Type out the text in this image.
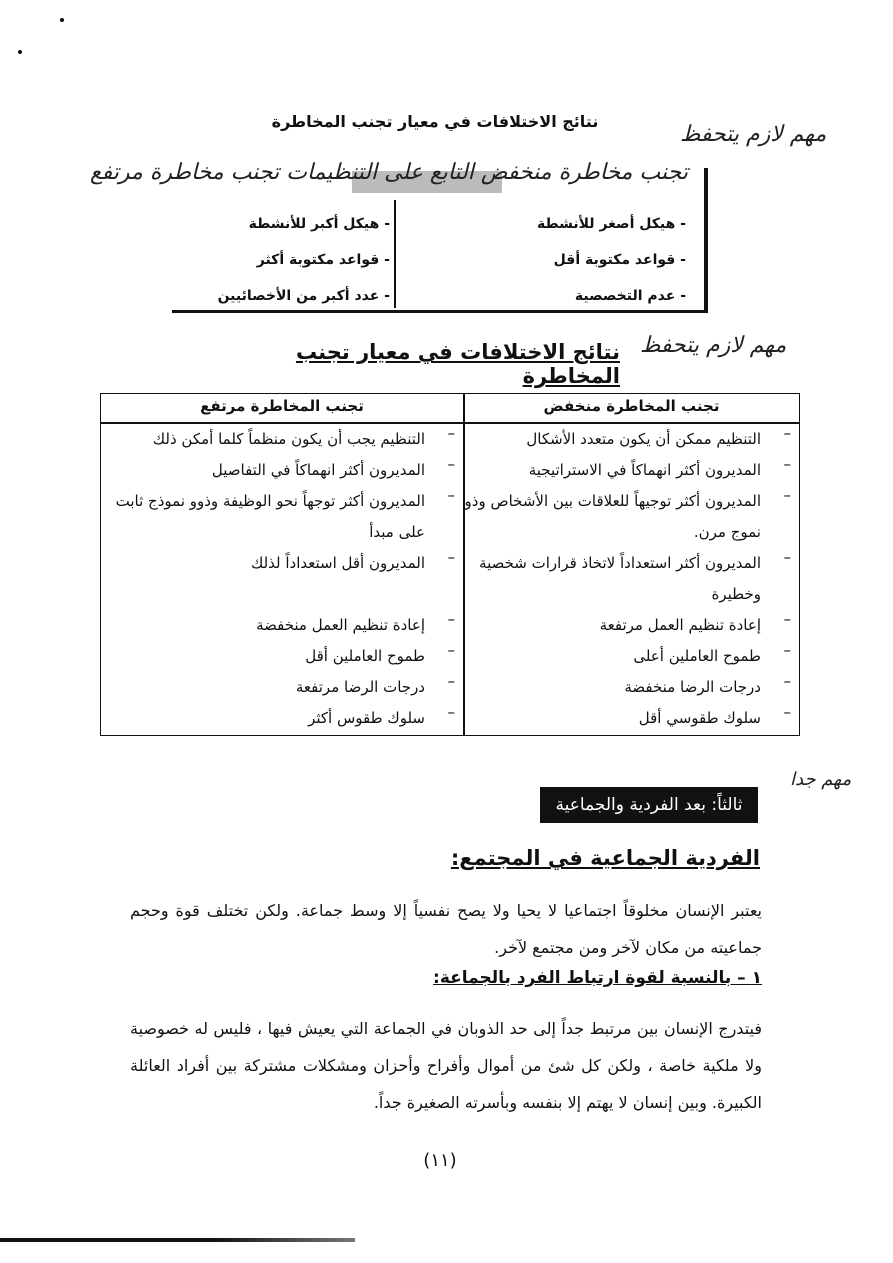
نتائج الاختلافات في معيار تجنب المخاطرة
مهم لازم يتحفظ
- هيكل أصغر للأنشطة
- قواعد مكتوبة أقل
- عدم التخصصية
- هيكل أكبر للأنشطة
- قواعد مكتوبة أكثر
- عدد أكبر من الأخصائيين
تجنب مخاطرة منخفض التابع على التنظيمات تجنب مخاطرة مرتفع
مهم لازم يتحفظ
نتائج الاختلافات في معيار تجنب المخاطرة
تجنب المخاطرة منخفض
تجنب المخاطرة مرتفع
–
التنظيم ممكن أن يكون متعدد الأشكال
–
المديرون أكثر انهماكاً في الاستراتيجية
–
المديرون أكثر توجيهاً للعلاقات بين الأشخاص وذو نموج مرن.
–
المديرون أكثر استعداداً لاتخاذ قرارات شخصية وخطيرة
–
إعادة تنظيم العمل مرتفعة
–
طموح العاملين أعلى
–
درجات الرضا منخفضة
–
سلوك طقوسي أقل
–
التنظيم يجب أن يكون منظماً كلما أمكن ذلك
–
المديرون أكثر انهماكاً في التفاصيل
–
المديرون أكثر توجهاً نحو الوظيفة وذوو نموذج ثابت على مبدأ
–
المديرون أقل استعداداً لذلك
–
إعادة تنظيم العمل منخفضة
–
طموح العاملين أقل
–
درجات الرضا مرتفعة
–
سلوك طقوس أكثر
مهم جدا
ثالثاً: بعد الفردية والجماعية
الفردية الجماعية في المجتمع:
يعتبر الإنسان مخلوقاً اجتماعيا لا يحيا ولا يصح نفسياً إلا وسط جماعة. ولكن تختلف قوة وحجم جماعيته من مكان لآخر ومن مجتمع لآخر.
١ – بالنسبة لقوة ارتباط الفرد بالجماعة:
فيتدرج الإنسان بين مرتبط جداً إلى حد الذوبان في الجماعة التي يعيش فيها ، فليس له خصوصية ولا ملكية خاصة ، ولكن كل شئ من أموال وأفراح وأحزان ومشكلات مشتركة بين أفراد العائلة الكبيرة. وبين إنسان لا يهتم إلا بنفسه وبأسرته الصغيرة جداً.
(١١)
